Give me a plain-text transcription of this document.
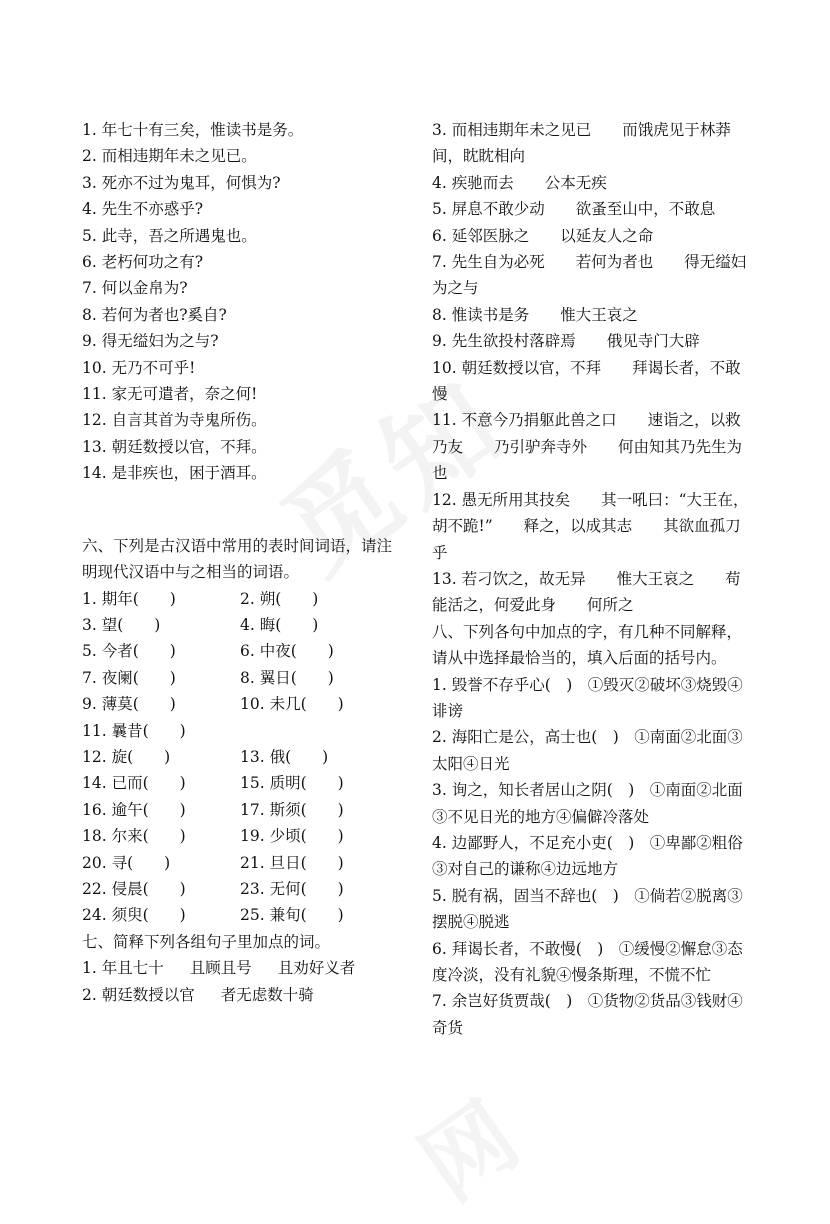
1. 年七十有三矣，惟读书是务。
2. 而相违期年未之见已。
3. 死亦不过为鬼耳，何惧为?
4. 先生不亦惑乎?
5. 此寺，吾之所遇鬼也。
6. 老朽何功之有?
7. 何以金帛为?
8. 若何为者也?奚自?
9. 得无缢妇为之与?
10. 无乃不可乎!
11. 家无可遣者，奈之何!
12. 自言其首为寺鬼所伤。
13. 朝廷数授以官，不拜。
14. 是非疾也，困于酒耳。
六、下列是古汉语中常用的表时间词语，请注明现代汉语中与之相当的词语。
1. 期年(　　)	2. 朔(　　)
3. 望(　　)	4. 晦(　　)
5. 今者(　　)	6. 中夜(　　)
7. 夜阑(　　)	8. 翼日(　　)
9. 薄莫(　　)	10. 未几(　　)
11. 曩昔(　　)
12. 旋(　　)	13. 俄(　　)
14. 已而(　　)	15. 质明(　　)
16. 逾午(　　)	17. 斯须(　　)
18. 尔来(　　)	19. 少顷(　　)
20. 寻(　　)	21. 旦日(　　)
22. 侵晨(　　)	23. 无何(　　)
24. 须臾(　　)	25. 兼旬(　　)
七、简释下列各组句子里加点的词。
1. 年且七十 且顾且号 且劝好义者
2. 朝廷数授以官 者无虑数十骑
3. 而相违期年未之见已　　而饿虎见于林莽间，眈眈相向
4. 疾驰而去　　公本无疾
5. 屏息不敢少动　　欲蚤至山中，不敢息
6. 延邻医脉之　　以延友人之命
7. 先生自为必死　　若何为者也　　得无缢妇为之与
8. 惟读书是务　　惟大王哀之
9. 先生欲投村落辟焉　　俄见寺门大辟
10. 朝廷数授以官，不拜　　拜谒长者，不敢慢
11. 不意今乃捐躯此兽之口　　速诣之，以救乃友　　乃引驴奔寺外　　何由知其乃先生为也
12. 愚无所用其技矣　　其一吼曰：“大王在，胡不跪!”　　释之，以成其志　　其欲血孤刀乎
13. 若刁饮之，故无异　　惟大王哀之　　苟能活之，何爱此身　　何所之
八、下列各句中加点的字，有几种不同解释，请从中选择最恰当的，填入后面的括号内。
1. 毁誉不存乎心(　)　①毁灭②破坏③烧毁④诽谤
2. 海阳亡是公，高士也(　)　①南面②北面③太阳④日光
3. 询之，知长者居山之阴(　)　①南面②北面③不见日光的地方④偏僻冷落处
4. 边鄙野人，不足充小吏(　)　①卑鄙②粗俗③对自己的谦称④边远地方
5. 脱有祸，固当不辞也(　)　①倘若②脱离③摆脱④脱逃
6. 拜谒长者，不敢慢(　)　①缓慢②懈怠③态度冷淡，没有礼貌④慢条斯理，不慌不忙
7. 余岂好货贾哉(　)　①货物②货品③钱财④奇货
